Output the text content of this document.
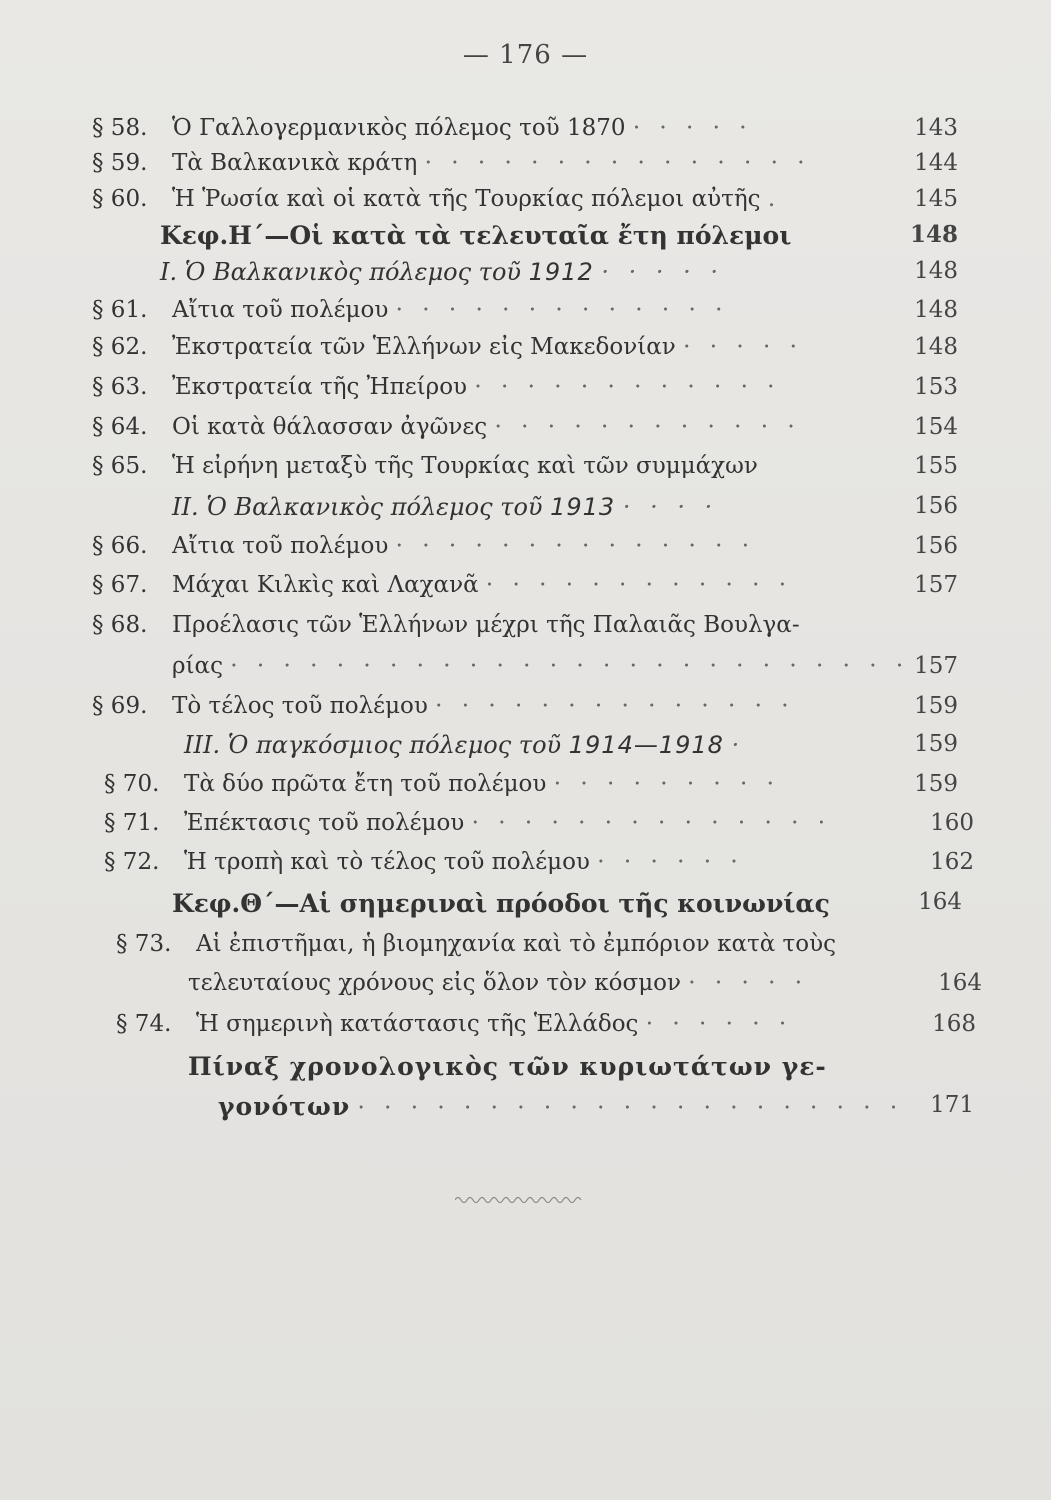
— 176 —
§ 58. Ὁ Γαλλογερμανικὸς πόλεμος τοῦ 1870 · · · · ·	143
§ 59. Τὰ Βαλκανικὰ κράτη · · · · · · · · · · · · · · ·	144
§ 60. Ἡ Ῥωσία καὶ οἱ κατὰ τῆς Τουρκίας πόλεμοι αὐτῆς .	145
Κεφ.Η΄—Οἱ κατὰ τὰ τελευταῖα ἔτη πόλεμοι	148
Ι. Ὁ Βαλκανικὸς πόλεμος τοῦ 1912 · · · · ·	148
§ 61. Αἴτια τοῦ πολέμου · · · · · · · · · · · · ·	148
§ 62. Ἐκστρατεία τῶν Ἑλλήνων εἰς Μακεδονίαν · · · · ·	148
§ 63. Ἐκστρατεία τῆς Ἠπείρου · · · · · · · · · · · ·	153
§ 64. Οἱ κατὰ θάλασσαν ἀγῶνες · · · · · · · · · · · ·	154
§ 65. Ἡ εἰρήνη μεταξὺ τῆς Τουρκίας καὶ τῶν συμμάχων	155
ΙΙ. Ὁ Βαλκανικὸς πόλεμος τοῦ 1913 · · · ·	156
§ 66. Αἴτια τοῦ πολέμου · · · · · · · · · · · · · ·	156
§ 67. Μάχαι Κιλκὶς καὶ Λαχανᾶ · · · · · · · · · · · ·	157
§ 68. Προέλασις τῶν Ἑλλήνων μέχρι τῆς Παλαιᾶς Βουλγα-
ρίας · · · · · · · · · · · · · · · · · · · · · · · · · · 157
§ 69. Τὸ τέλος τοῦ πολέμου · · · · · · · · · · · · · ·	159
ΙΙΙ. Ὁ παγκόσμιος πόλεμος τοῦ 1914—1918 ·	159
§ 70. Τὰ δύο πρῶτα ἔτη τοῦ πολέμου · · · · · · · · ·	159
§ 71. Ἐπέκτασις τοῦ πολέμου · · · · · · · · · · · · · ·	160
§ 72. Ἡ τροπὴ καὶ τὸ τέλος τοῦ πολέμου · · · · · ·	162
Κεφ.Θ΄—Αἱ σημεριναὶ πρόοδοι τῆς κοινωνίας	164
§ 73. Αἱ ἐπιστῆμαι, ἡ βιομηχανία καὶ τὸ ἐμπόριον κατὰ τοὺς
τελευταίους χρόνους εἰς ὅλον τὸν κόσμον · · · · ·	164
§ 74. Ἡ σημερινὴ κατάστασις τῆς Ἑλλάδος · · · · · ·	168
Πίναξ χρονολογικὸς τῶν κυριωτάτων γε-
γονότων · · · · · · · · · · · · · · · · · · · · · 171
